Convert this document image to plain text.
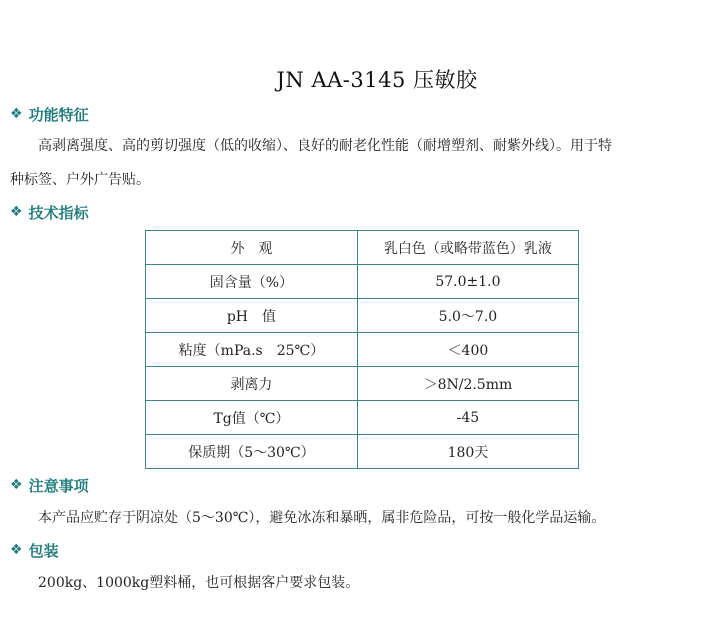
JN AA-3145 压敏胶
❖ 功能特征
高剥离强度、高的剪切强度（低的收缩）、良好的耐老化性能（耐增塑剂、耐紫外线）。用于特
种标签、户外广告贴。
❖ 技术指标
外　观	乳白色（或略带蓝色）乳液
固含量（%）	57.0±1.0
pH　值	5.0～7.0
粘度（mPa.s　25℃）	＜400
剥离力	＞8N/2.5mm
Tg值（℃）	-45
保质期（5～30℃）	180天
❖ 注意事项
本产品应贮存于阴凉处（5～30℃），避免冰冻和暴晒，属非危险品，可按一般化学品运输。
❖ 包装
200kg、1000kg塑料桶，也可根据客户要求包装。
